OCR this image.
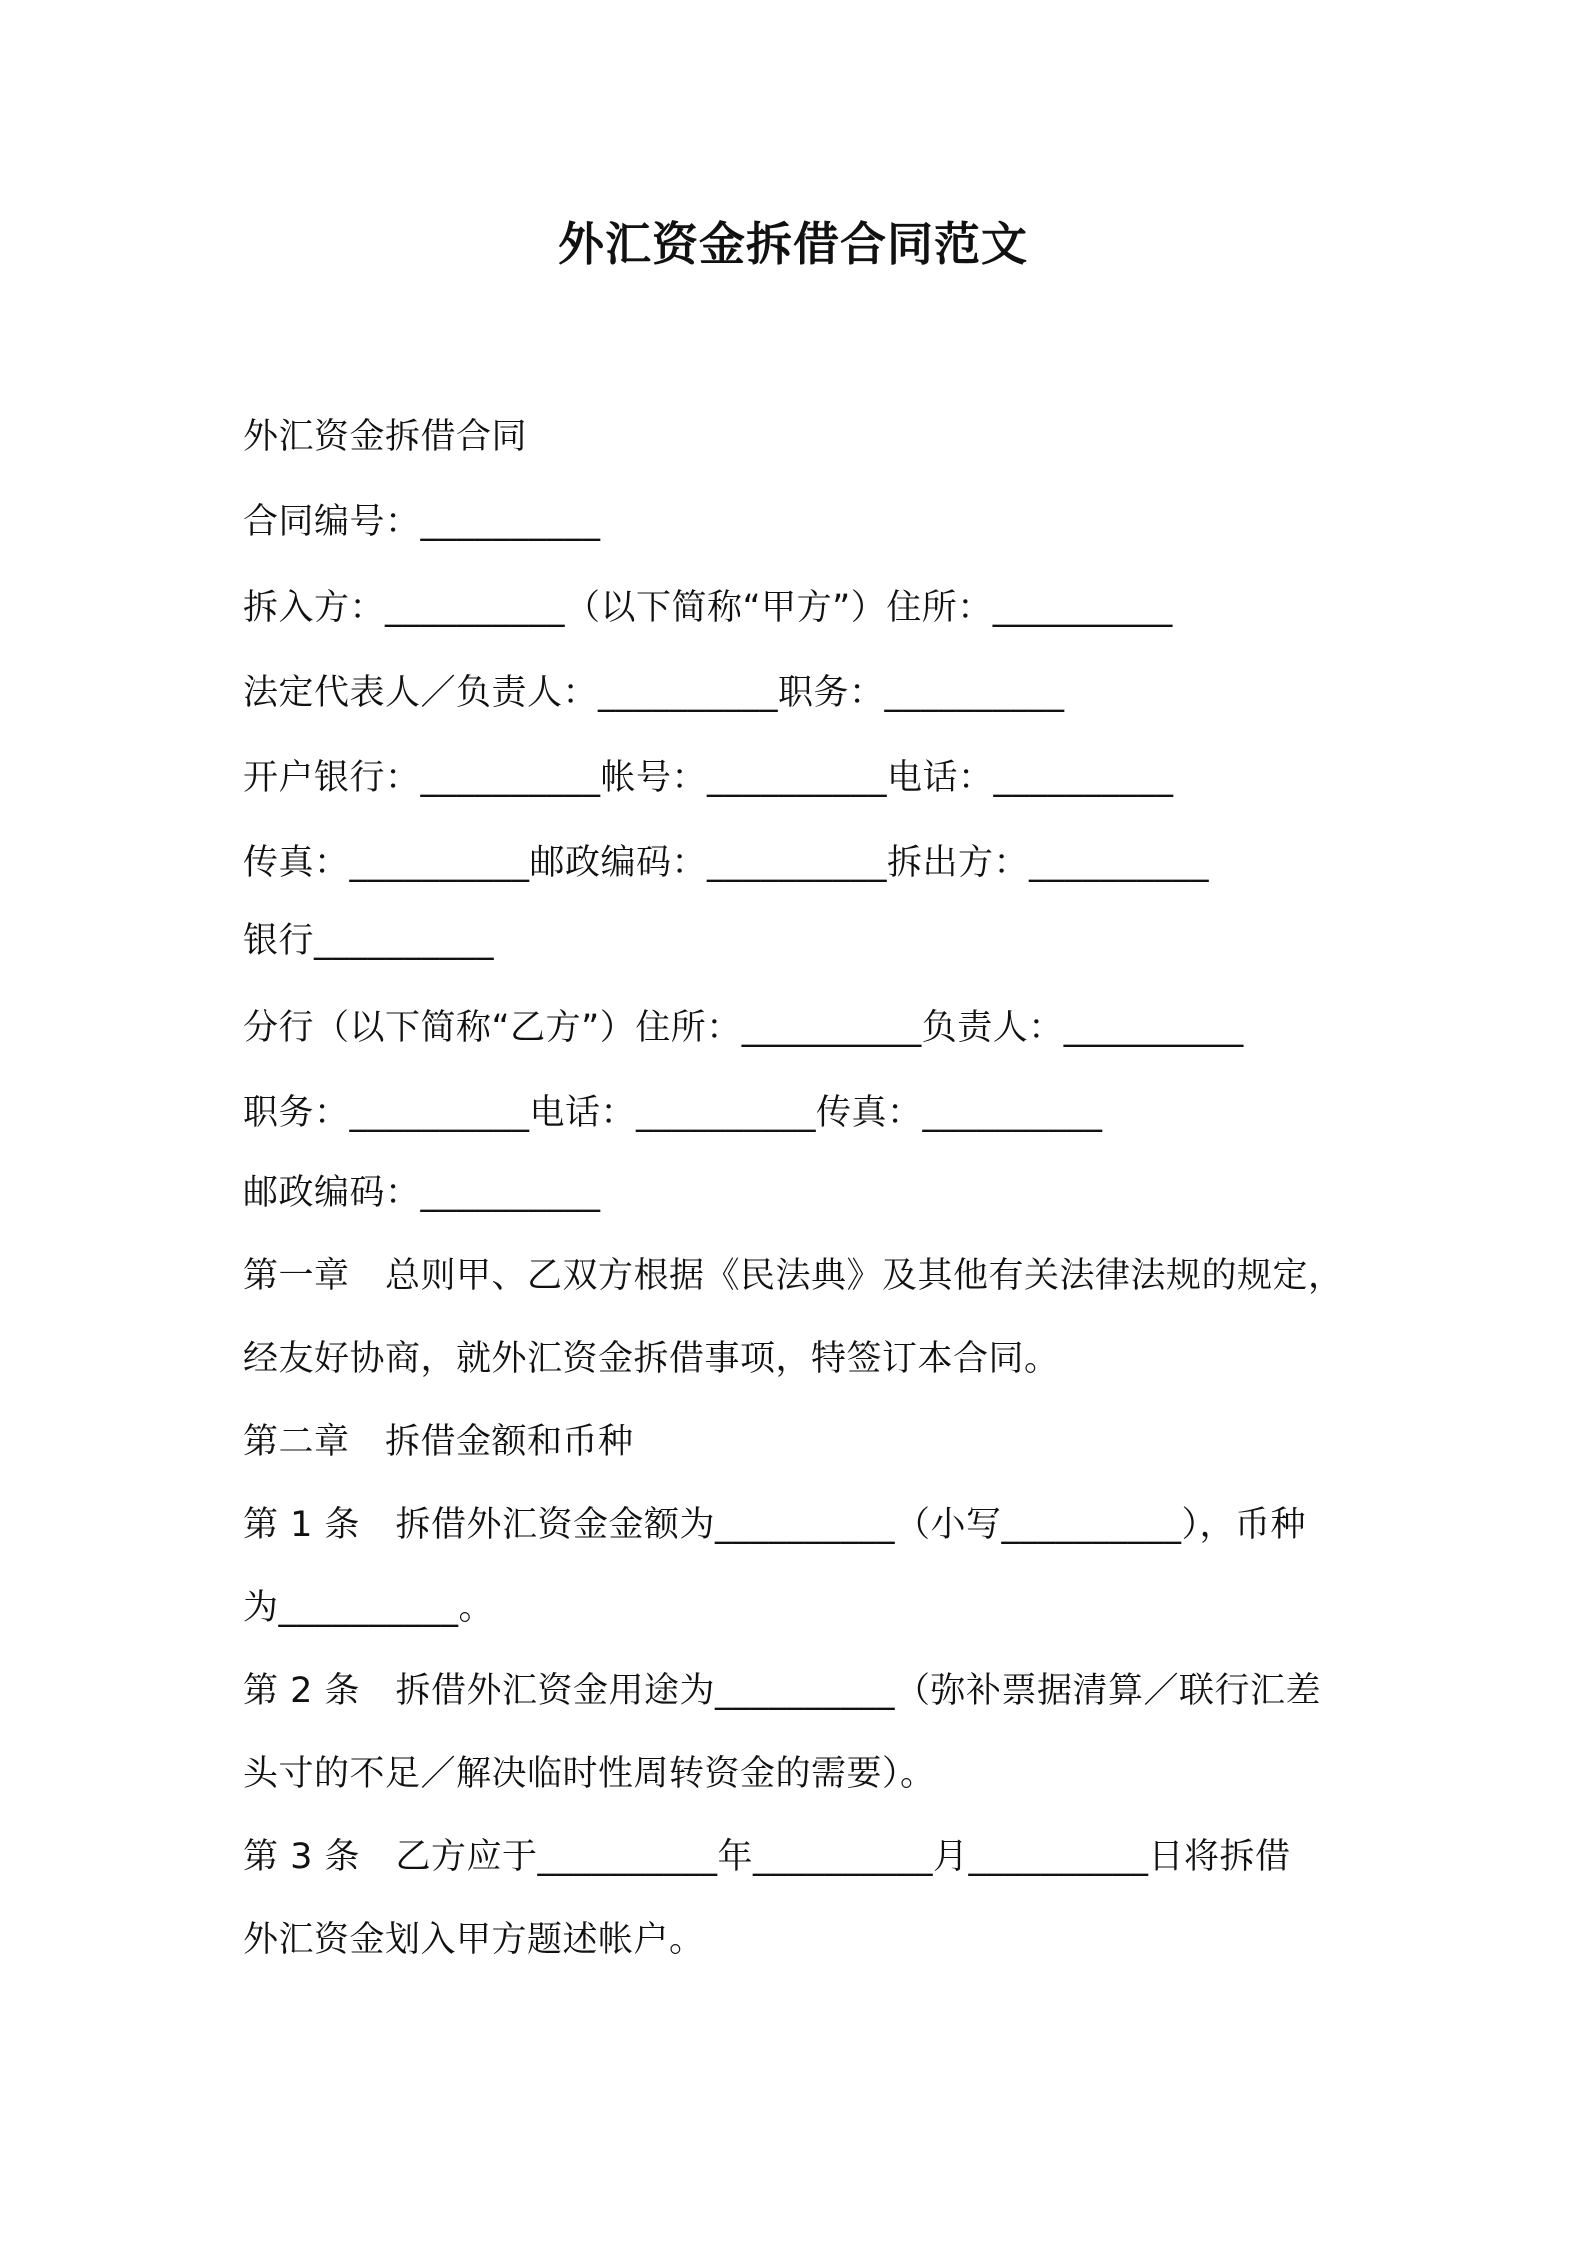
外汇资金拆借合同范文
外汇资金拆借合同
合同编号：__________
拆入方：__________（以下简称“甲方”）住所：__________
法定代表人／负责人：__________职务：__________
开户银行：__________帐号：__________电话：__________
传真：__________邮政编码：__________拆出方：__________
银行__________
分行（以下简称“乙方”）住所：__________负责人：__________
职务：__________电话：__________传真：__________
邮政编码：__________
第一章　总则甲、乙双方根据《民法典》及其他有关法律法规的规定，
经友好协商，就外汇资金拆借事项，特签订本合同。
第二章　拆借金额和币种
第 1 条　拆借外汇资金金额为__________（小写__________），币种
为__________。
第 2 条　拆借外汇资金用途为__________（弥补票据清算／联行汇差
头寸的不足／解决临时性周转资金的需要）。
第 3 条　乙方应于__________年__________月__________日将拆借
外汇资金划入甲方题述帐户。
